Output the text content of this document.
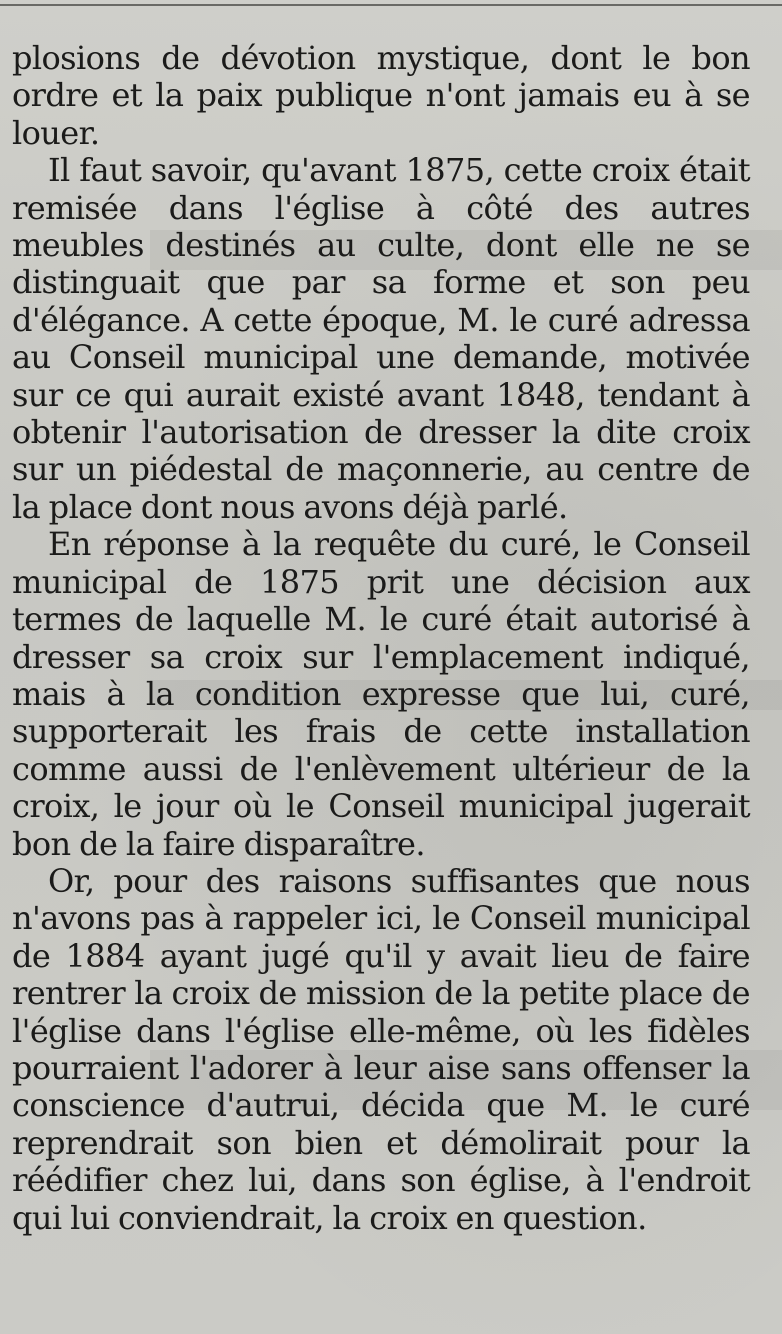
plosions de dévotion mystique, dont le bon ordre et la paix publique n'ont jamais eu à se louer.

Il faut savoir, qu'avant 1875, cette croix était remisée dans l'église à côté des autres meubles destinés au culte, dont elle ne se distinguait que par sa forme et son peu d'élégance. A cette époque, M. le curé adressa au Conseil municipal une demande, motivée sur ce qui aurait existé avant 1848, tendant à obtenir l'autorisation de dresser la dite croix sur un piédestal de maçonnerie, au centre de la place dont nous avons déjà parlé.

En réponse à la requête du curé, le Conseil municipal de 1875 prit une décision aux termes de laquelle M. le curé était autorisé à dresser sa croix sur l'emplacement indiqué, mais à la condition expresse que lui, curé, supporterait les frais de cette installation comme aussi de l'enlèvement ultérieur de la croix, le jour où le Conseil municipal jugerait bon de la faire disparaître.

Or, pour des raisons suffisantes que nous n'avons pas à rappeler ici, le Conseil municipal de 1884 ayant jugé qu'il y avait lieu de faire rentrer la croix de mission de la petite place de l'église dans l'église elle-même, où les fidèles pourraient l'adorer à leur aise sans offenser la conscience d'autrui, décida que M. le curé reprendrait son bien et démolirait pour la réédifier chez lui, dans son église, à l'endroit qui lui conviendrait, la croix en question.
